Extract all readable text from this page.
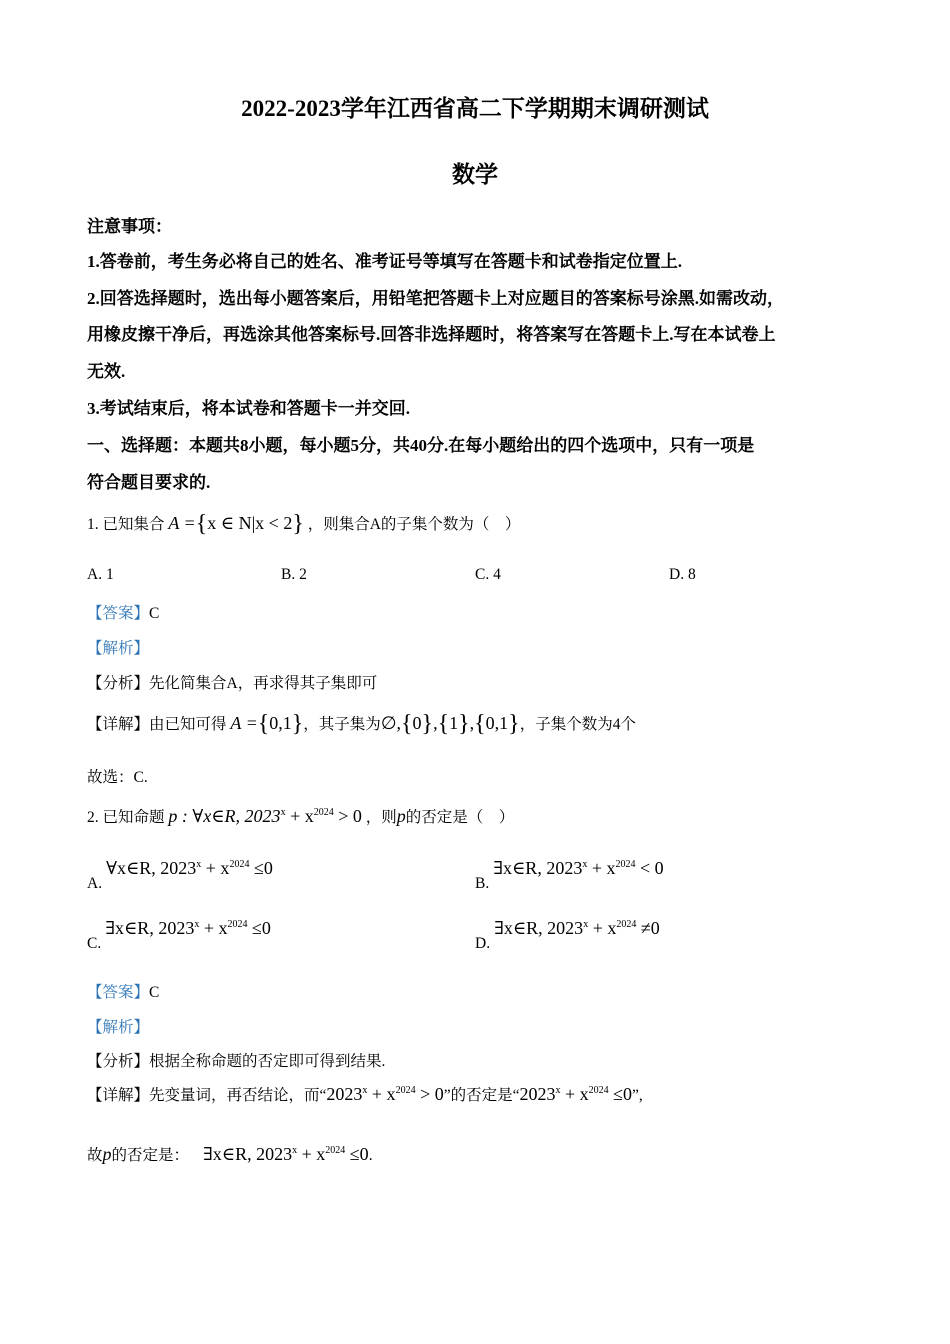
2022-2023学年江西省高二下学期期末调研测试
数学
注意事项：
1.答卷前，考生务必将自己的姓名、准考证号等填写在答题卡和试卷指定位置上.
2.回答选择题时，选出每小题答案后，用铅笔把答题卡上对应题目的答案标号涂黑.如需改动，
用橡皮擦干净后，再选涂其他答案标号.回答非选择题时，将答案写在答题卡上.写在本试卷上
无效.
3.考试结束后，将本试卷和答题卡一并交回.
一、选择题：本题共8小题，每小题5分，共40分.在每小题给出的四个选项中，只有一项是
符合题目要求的.
1. 已知集合 A ={x ∈ N|x < 2} ，则集合A的子集个数为（　）
A. 1	B. 2	C. 4	D. 8
【答案】C
【解析】
【分析】先化简集合A，再求得其子集即可
【详解】由已知可得 A ={0,1}，其子集为∅,{0},{1},{0,1}，子集个数为4个
故选：C.
2. 已知命题 p : ∀x∈R, $2023^x + x^{2024} > 0$ ，则p的否定是（　）
A. ∀x∈R, $2023^x + x^{2024} \le 0$
B. ∃x∈R, $2023^x + x^{2024} < 0$
C. ∃x∈R, $2023^x + x^{2024} \le 0$
D. ∃x∈R, $2023^x + x^{2024} \ne 0$
【答案】C
【解析】
【分析】根据全称命题的否定即可得到结果.
【详解】先变量词，再否结论，而“$2023^x + x^{2024} > 0$”的否定是“$2023^x + x^{2024} \le 0$”,
故p的否定是： ∃x∈R, $2023^x + x^{2024} \le 0$.
